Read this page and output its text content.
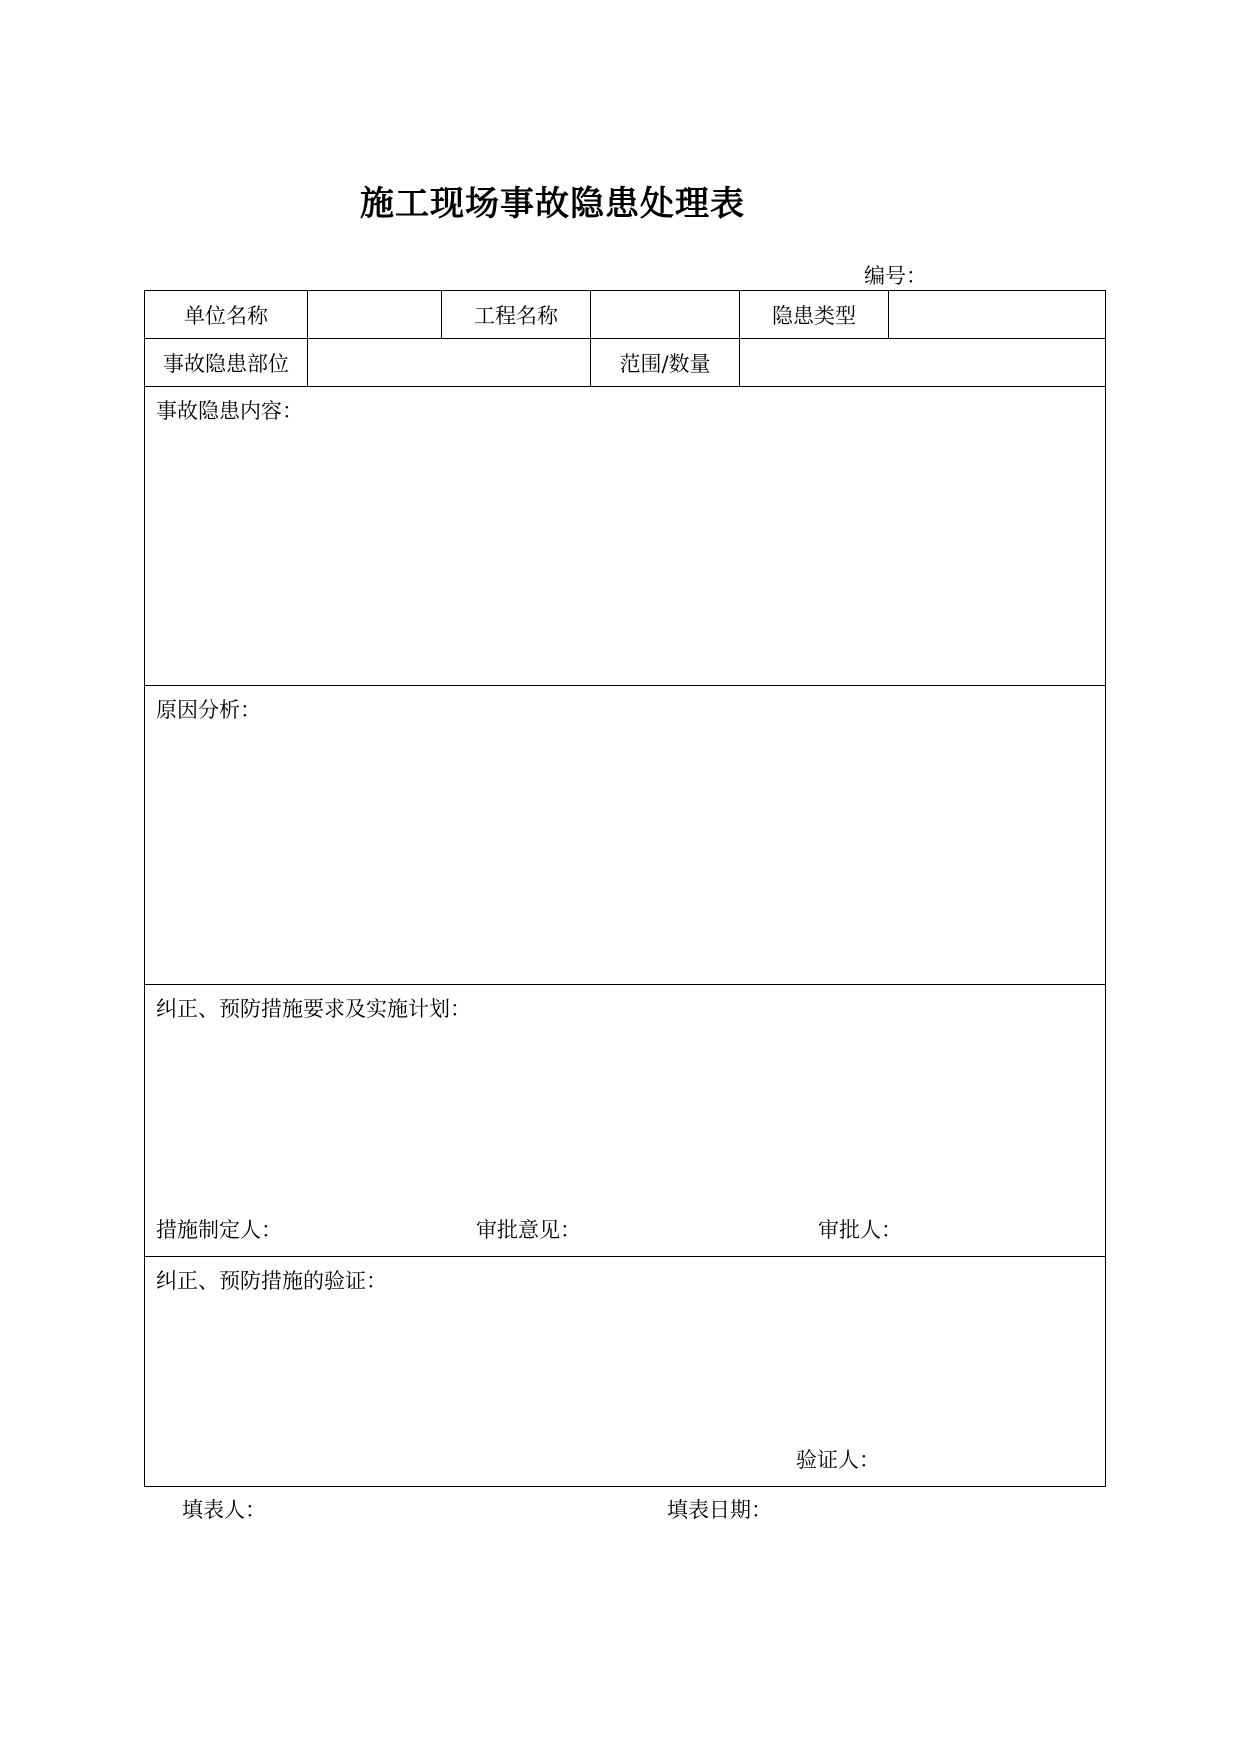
施工现场事故隐患处理表
编号：
单位名称		工程名称		隐患类型	
事故隐患部位			范围/数量		

事故隐患内容：					

原因分析：					

纠正、预防措施要求及实施计划：
措施制定人： 审批意见： 审批人：					

纠正、预防措施的验证：
验证人：					
填表人：	填表日期：
